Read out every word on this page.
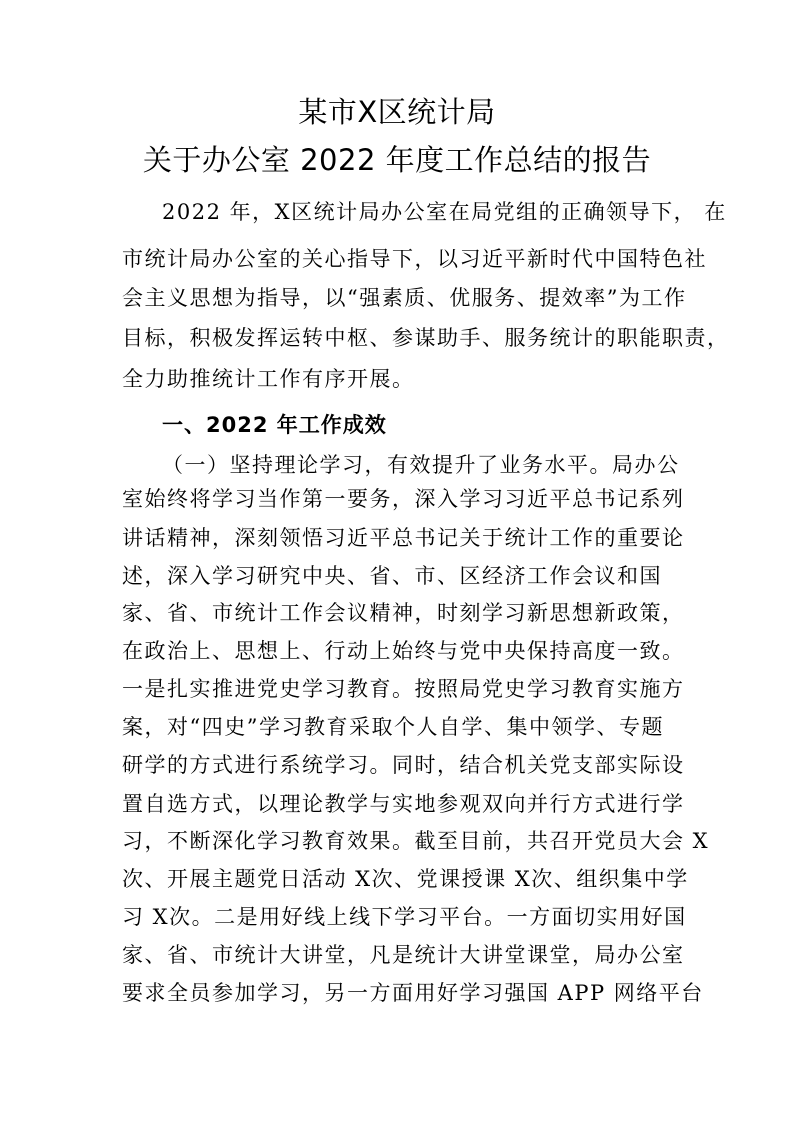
某市X区统计局
关于办公室 2022 年度工作总结的报告
2022 年，X区统计局办公室在局党组的正确领导下， 在
市统计局办公室的关心指导下，以习近平新时代中国特色社
会主义思想为指导，以“强素质、优服务、提效率”为工作
目标，积极发挥运转中枢、参谋助手、服务统计的职能职责，
全力助推统计工作有序开展。
一、2022 年工作成效
（一）坚持理论学习，有效提升了业务水平。局办公
室始终将学习当作第一要务，深入学习习近平总书记系列
讲话精神，深刻领悟习近平总书记关于统计工作的重要论
述，深入学习研究中央、省、市、区经济工作会议和国
家、省、市统计工作会议精神，时刻学习新思想新政策，
在政治上、思想上、行动上始终与党中央保持高度一致。
一是扎实推进党史学习教育。按照局党史学习教育实施方
案，对“四史”学习教育采取个人自学、集中领学、专题
研学的方式进行系统学习。同时，结合机关党支部实际设
置自选方式，以理论教学与实地参观双向并行方式进行学
习，不断深化学习教育效果。截至目前，共召开党员大会 X
次、开展主题党日活动 X次、党课授课 X次、组织集中学
习 X次。二是用好线上线下学习平台。一方面切实用好国
家、省、市统计大讲堂，凡是统计大讲堂课堂，局办公室
要求全员参加学习，另一方面用好学习强国 APP 网络平台
